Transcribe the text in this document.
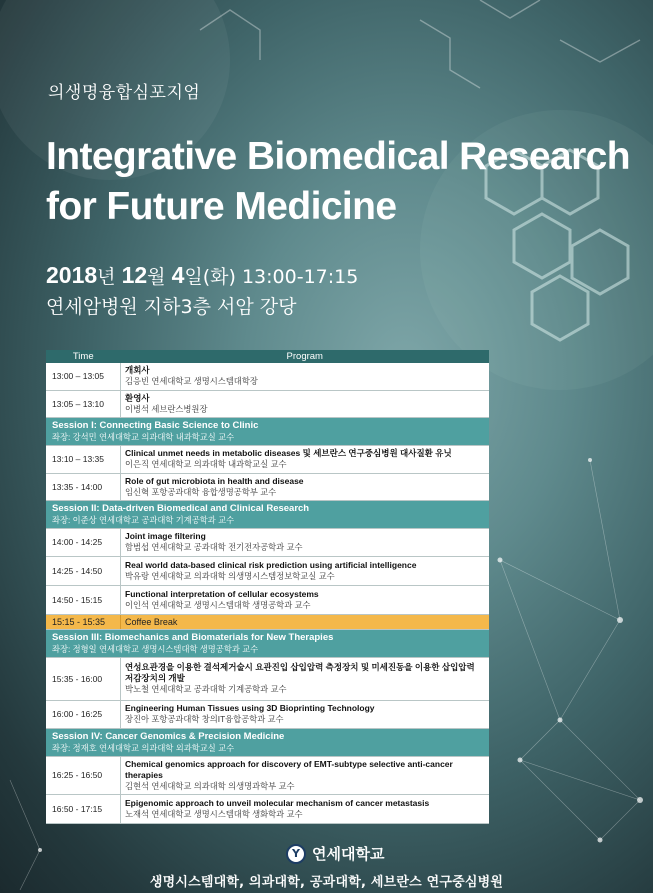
의생명융합심포지엄
Integrative Biomedical Research
for Future Medicine
2018년 12월 4일(화) 13:00-17:15
연세암병원 지하3층 서암 강당
Time	Program
13:00 – 13:05	개회사
김응빈 연세대학교 생명시스템대학장

13:05 – 13:10	환영사
이병석 세브란스병원장

Session I: Connecting Basic Science to Clinic
좌장: 강석민 연세대학교 의과대학 내과학교실 교수	

13:10 – 13:35	Clinical unmet needs in metabolic diseases 및 세브란스 연구중심병원 대사질환 유닛
이은직 연세대학교 의과대학 내과학교실 교수

13:35 - 14:00	Role of gut microbiota in health and disease
임신혁 포항공과대학 융합생명공학부 교수

Session II: Data-driven Biomedical and Clinical Research
좌장: 이준상 연세대학교 공과대학 기계공학과 교수	

14:00 - 14:25	Joint image filtering
함범섭 연세대학교 공과대학 전기전자공학과 교수

14:25 - 14:50	Real world data-based clinical risk prediction using artificial intelligence
박유랑 연세대학교 의과대학 의생명시스템정보학교실 교수

14:50 - 15:15	Functional interpretation of cellular ecosystems
이인석 연세대학교 생명시스템대학 생명공학과 교수

15:15 - 15:35	Coffee Break

Session III: Biomechanics and Biomaterials for New Therapies
좌장: 정형일 연세대학교 생명시스템대학 생명공학과 교수	

15:35 - 16:00	연성요관경을 이용한 결석제거술시 요관진입 삽입압력 측정장치 및 미세진동을 이용한 삽입압력 저감장치의 개발
박노철 연세대학교 공과대학 기계공학과 교수

16:00 - 16:25	Engineering Human Tissues using 3D Bioprinting Technology
장진아 포항공과대학 창의IT융합공학과 교수

Session IV: Cancer Genomics & Precision Medicine
좌장: 정재호 연세대학교 의과대학 외과학교실 교수	

16:25 - 16:50	Chemical genomics approach for discovery of EMT-subtype selective anti-cancer therapies
김현석 연세대학교 의과대학 의생명과학부 교수

16:50 - 17:15	Epigenomic approach to unveil molecular mechanism of cancer metastasis
노재석 연세대학교 생명시스템대학 생화학과 교수
Y 연세대학교
생명시스템대학, 의과대학, 공과대학, 세브란스 연구중심병원
